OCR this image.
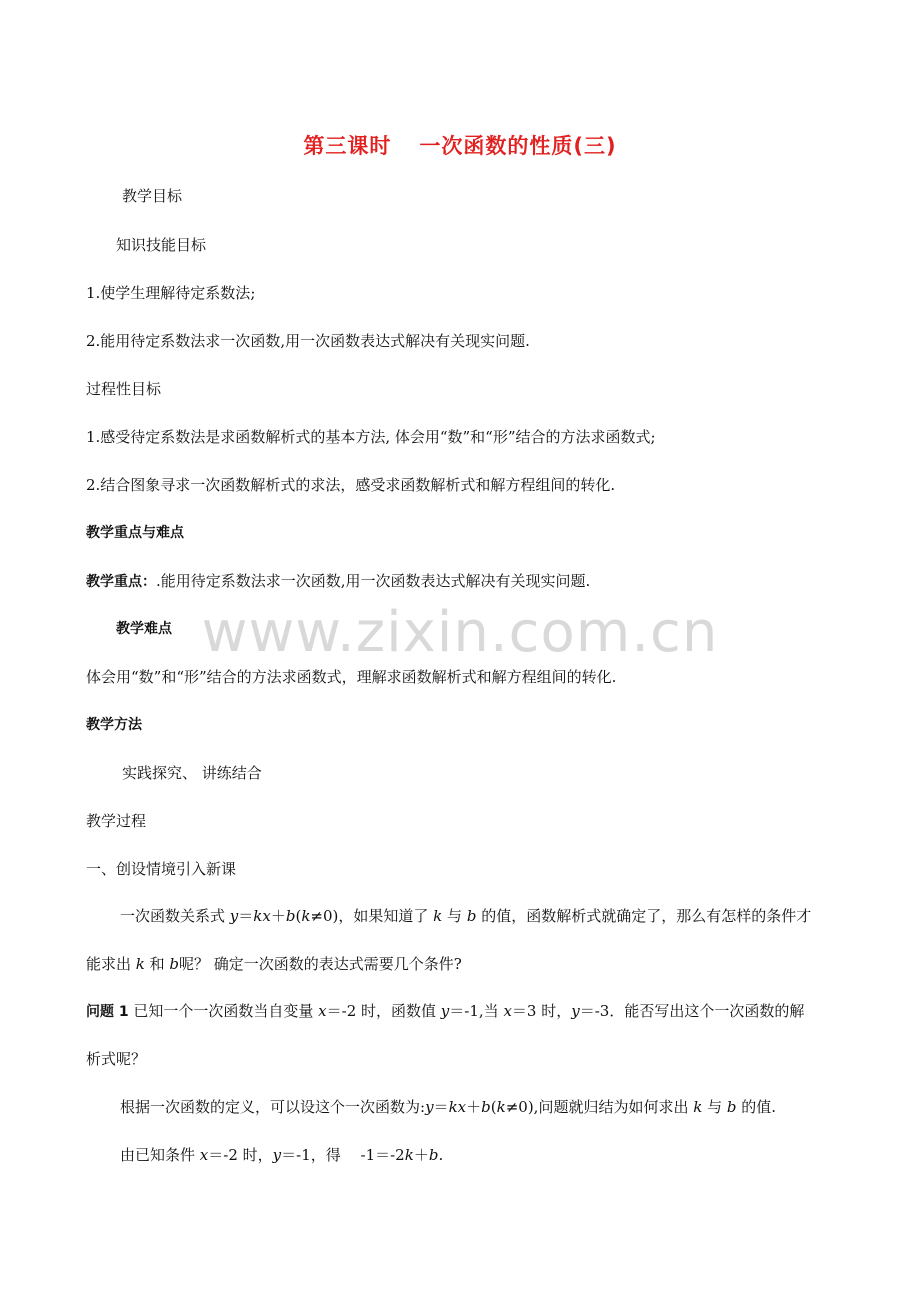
www.zixin.com.cn
第三课时 一次函数的性质(三)
教学目标
知识技能目标
1.使学生理解待定系数法;
2.能用待定系数法求一次函数,用一次函数表达式解决有关现实问题.
过程性目标
1.感受待定系数法是求函数解析式的基本方法, 体会用“数”和“形”结合的方法求函数式;
2.结合图象寻求一次函数解析式的求法，感受求函数解析式和解方程组间的转化.
教学重点与难点
教学重点：.能用待定系数法求一次函数,用一次函数表达式解决有关现实问题.
教学难点
体会用“数”和“形”结合的方法求函数式，理解求函数解析式和解方程组间的转化.
教学方法
实践探究、 讲练结合
教学过程
一、创设情境引入新课
一次函数关系式 y＝kx＋b(k≠0)，如果知道了 k 与 b 的值，函数解析式就确定了，那么有怎样的条件才
能求出 k 和 b呢？ 确定一次函数的表达式需要几个条件?
问题 1 已知一个一次函数当自变量 x＝-2 时，函数值 y＝-1,当 x＝3 时，y＝-3．能否写出这个一次函数的解
析式呢？
根据一次函数的定义，可以设这个一次函数为:y＝kx＋b(k≠0),问题就归结为如何求出 k 与 b 的值.
由已知条件 x＝-2 时，y＝-1，得　 -1＝-2k＋b.
